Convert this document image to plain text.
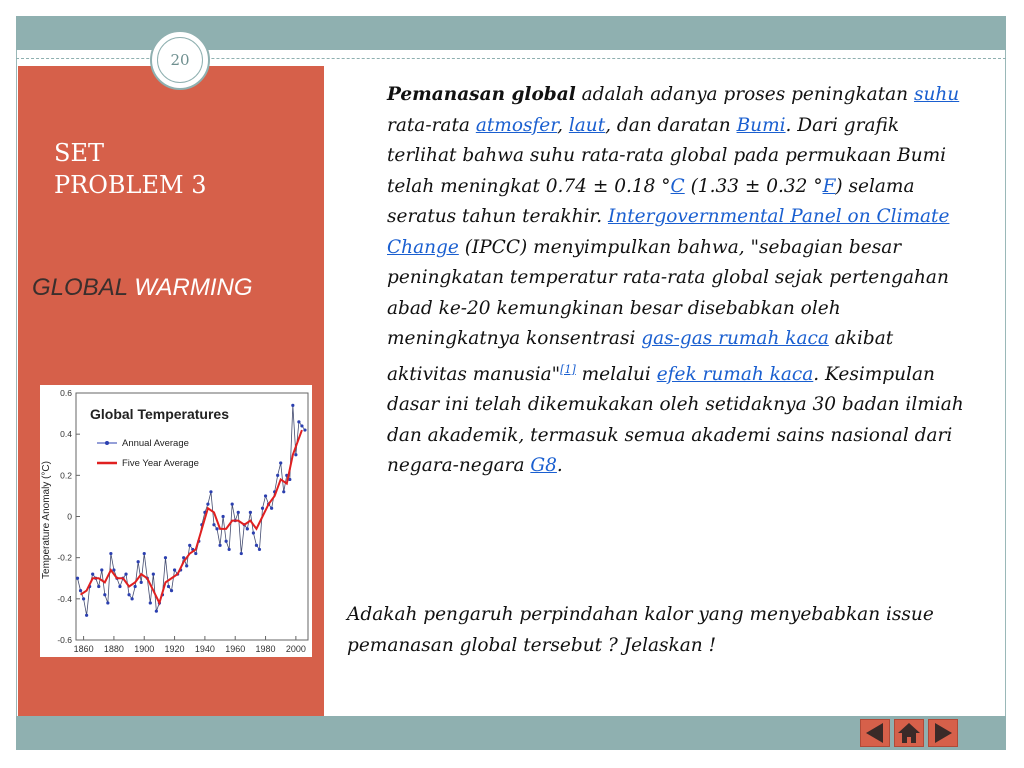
20
SET
PROBLEM 3
GLOBAL WARMING
0.6
0.4
0.2
0
-0.2
-0.4
-0.6
1860 1880 1900 1920 1940 1960 1980 2000
Global Temperatures
Annual Average
Five Year Average
Temperature Anomaly (°C)
Pemanasan global adalah adanya proses peningkatan suhu rata-rata atmosfer, laut, dan daratan Bumi. Dari grafik terlihat bahwa suhu rata-rata global pada permukaan Bumi telah meningkat 0.74 ± 0.18 °C (1.33 ± 0.32 °F) selama seratus tahun terakhir. Intergovernmental Panel on Climate Change (IPCC) menyimpulkan bahwa, "sebagian besar peningkatan temperatur rata-rata global sejak pertengahan abad ke-20 kemungkinan besar disebabkan oleh meningkatnya konsentrasi gas-gas rumah kaca akibat aktivitas manusia"[1] melalui efek rumah kaca. Kesimpulan dasar ini telah dikemukakan oleh setidaknya 30 badan ilmiah dan akademik, termasuk semua akademi sains nasional dari negara-negara G8.
Adakah pengaruh perpindahan kalor yang menyebabkan issue pemanasan global tersebut ? Jelaskan !
